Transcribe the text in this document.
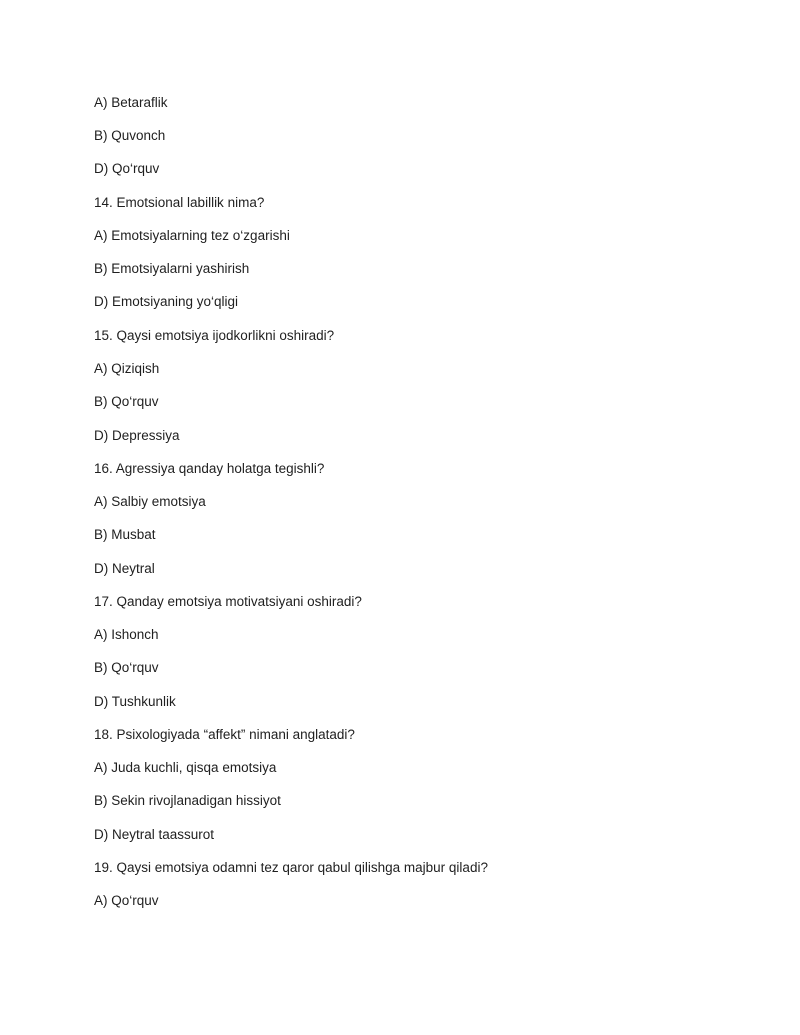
A) Betaraflik

B) Quvonch

D) Qo‘rquv

14. Emotsional labillik nima?

A) Emotsiyalarning tez o‘zgarishi

B) Emotsiyalarni yashirish

D) Emotsiyaning yo‘qligi

15. Qaysi emotsiya ijodkorlikni oshiradi?

A) Qiziqish

B) Qo‘rquv

D) Depressiya

16. Agressiya qanday holatga tegishli?

A) Salbiy emotsiya

B) Musbat

D) Neytral

17. Qanday emotsiya motivatsiyani oshiradi?

A) Ishonch

B) Qo‘rquv

D) Tushkunlik

18. Psixologiyada “affekt” nimani anglatadi?

A) Juda kuchli, qisqa emotsiya

B) Sekin rivojlanadigan hissiyot

D) Neytral taassurot

19. Qaysi emotsiya odamni tez qaror qabul qilishga majbur qiladi?

A) Qo‘rquv
